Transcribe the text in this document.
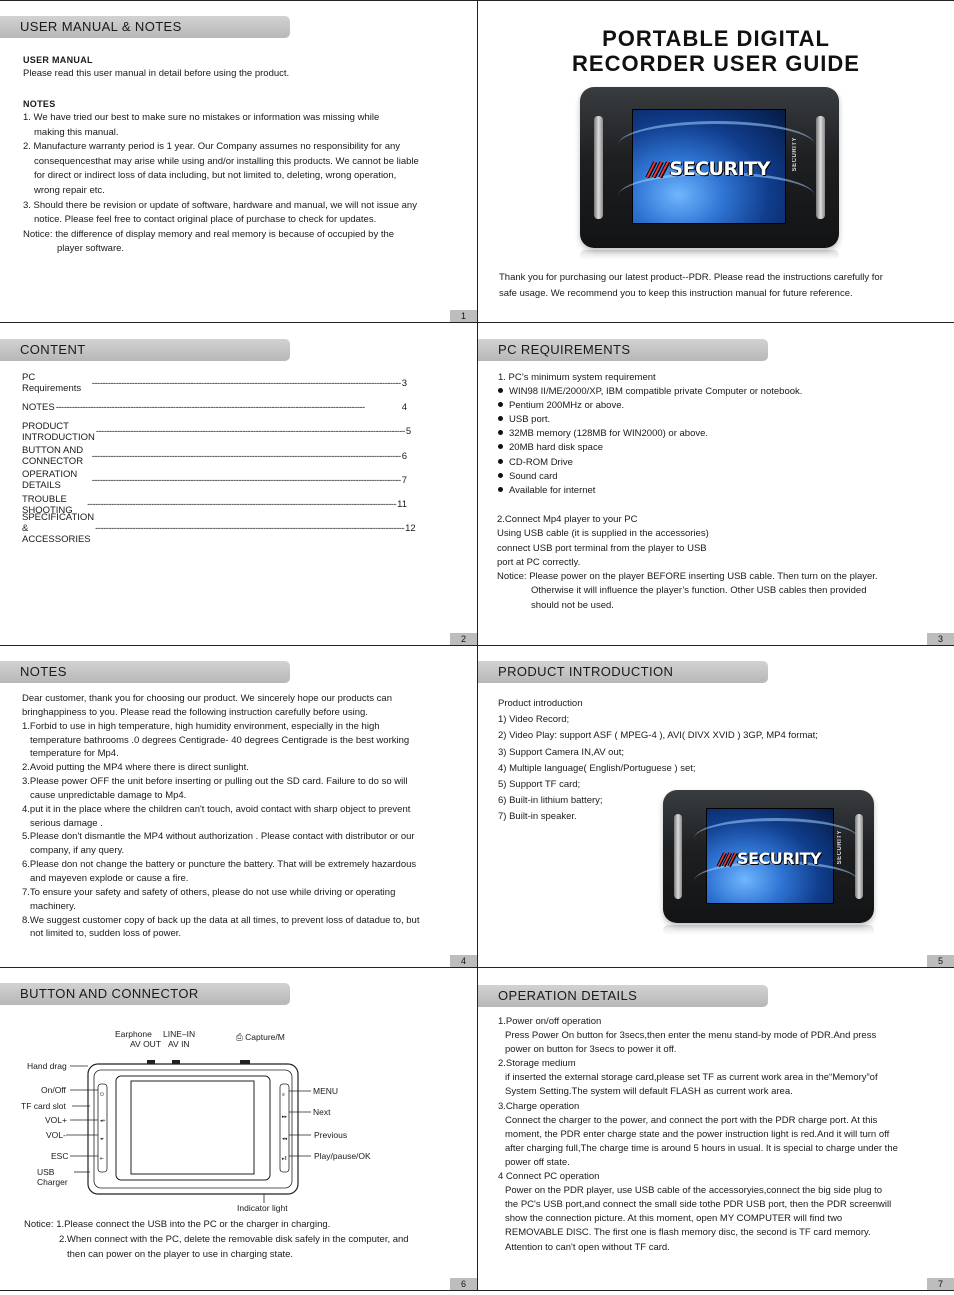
USER MANUAL & NOTES
USER MANUAL
Please read this user manual in detail before using the product.
NOTES
1. We have tried our best to make sure no mistakes or information was missing while
making this manual.
2. Manufacture warranty period is 1 year. Our Company assumes no responsibility for any
consequencesthat may arise while using and/or installing this products. We cannot be liable
for direct or indirect loss of data including, but not limited to, deleting, wrong operation,
wrong repair etc.
3. Should there be revision or update of software, hardware and manual, we will not issue any
notice. Please feel free to contact original place of purchase to check for updates.
Notice: the difference of display memory and real memory is because of occupied by the
player software.
1
PORTABLE DIGITAL
RECORDER USER GUIDE
/// SECURITY	SECURITY
Thank you for purchasing our latest product--PDR. Please read the instructions carefully for
safe usage. We recommend you to keep this instruction manual for future reference.
CONTENT
PC Requirements	-------------------------------------------------------------------------------------------------------------------- 3
NOTES --------------------------------------------------------------------------------------------------------------------	4
PRODUCT INTRODUCTION -------------------------------------------------------------------------------------------------------------------- 5
BUTTON AND CONNECTOR -------------------------------------------------------------------------------------------------------------------- 6
OPERATION DETAILS	-------------------------------------------------------------------------------------------------------------------- 7
TROUBLE SHOOTING	-------------------------------------------------------------------------------------------------------------------- 11
SPECIFICATION & ACCESSORIES
-------------------------------------------------------------------------------------------------------------------- 12
2
PC REQUIREMENTS
1. PC’s minimum system requirement
WIN98 II/ME/2000/XP, IBM compatible private Computer or notebook.
Pentium 200MHz or above.
USB port.
32MB memory (128MB for WIN2000) or above.
20MB hard disk space
CD-ROM Drive
Sound card
Available for internet
2.Connect Mp4 player to your PC
Using USB cable (it is supplied in the accessories)
connect USB port terminal from the player to USB
port at PC correctly.
Notice: Please power on the player BEFORE inserting USB cable. Then turn on the player.
Otherwise it will influence the player’s function. Other USB cables then provided
should not be used.
3
NOTES
Dear customer, thank you for choosing our product. We sincerely hope our products can
bringhappiness to you. Please read the following instruction carefully before using.
1.Forbid to use in high temperature, high humidity environment, especially in the high
temperature bathrooms .0 degrees Centigrade- 40 degrees Centigrade is the best working
temperature for Mp4.
2.Avoid putting the MP4 where there is direct sunlight.
3.Please power OFF the unit before inserting or pulling out the SD card. Failure to do so will
cause unpredictable damage to Mp4.
4.put it in the place where the children can't touch, avoid contact with sharp object to prevent
serious damage .
5.Please don't dismantle the MP4 without authorization . Please contact with distributor or our
company, if any query.
6.Please don not change the battery or puncture the battery. That will be extremely hazardous
and mayeven explode or cause a fire.
7.To ensure your safety and safety of others, please do not use while driving or operating
machinery.
8.We suggest customer copy of back up the data at all times, to prevent loss of datadue to, but
not limited to, sudden loss of power.
4
PRODUCT INTRODUCTION
Product introduction
1) Video Record;
2) Video Play: support ASF ( MPEG-4 ), AVI( DIVX XVID ) 3GP, MP4 format;
3) Support Camera IN,AV out;
4) Multiple language( English/Portuguese ) set;
5) Support TF card;
6) Built-in lithium battery;
7) Built-in speaker.
/// SECURITY	SECURITY
5
BUTTON AND CONNECTOR
⏻
◂+
◂-
⇤
≡
▸▸
◂◂
▸‖
Earphone
AV OUT
LINE–IN
AV IN
⎙ Capture/M
Hand drag
On/Off
TF card slot
VOL+
VOL-
ESC
USB
Charger
MENU
Next
Previous
Play/pause/OK
Indicator light
Notice: 1.Please connect the USB into the PC or the charger in charging.
2.When connect with the PC, delete the removable disk safely in the computer, and
then can power on the player to use in charging state.
6
OPERATION DETAILS
1.Power on/off operation
Press Power On button for 3secs,then enter the menu stand-by mode of PDR.And press
power on button for 3secs to power it off.
2.Storage medium
if inserted the external storage card,please set TF as current work area in the“Memory”of
System Setting.The system will default FLASH as current work area.
3.Charge operation
Connect the charger to the power, and connect the port with the PDR charge port. At this
moment, the PDR enter charge state and the power instruction light is red.And it will turn off
after charging full,The charge time is around 5 hours in usual. It is special to charge under the
power off state.
4 Connect PC operation
Power on the PDR player, use USB cable of the accessoryies,connect the big side plug to
the PC's USB port,and connect the small side tothe PDR USB port, then the PDR screenwill
show the connection picture. At this moment, open MY COMPUTER will find two
REMOVABLE DISC. The first one is flash memory disc, the second is TF card memory.
Attention to can't open without TF card.
7
